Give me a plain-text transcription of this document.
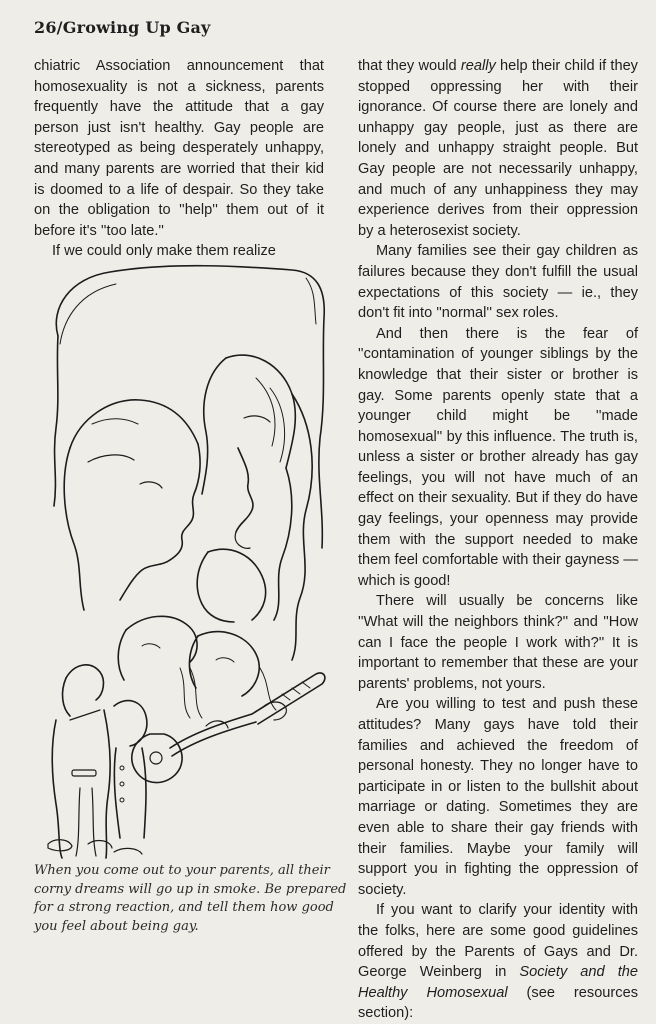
26/Growing Up Gay

chiatric Association announcement that homosexuality is not a sickness, parents frequently have the attitude that a gay person just isn't healthy. Gay people are stereotyped as being desperately unhappy, and many parents are worried that their kid is doomed to a life of despair. So they take on the obligation to ''help'' them out of it before it's ''too late.''

If we could only make them realize

When you come out to your parents, all their
corny dreams will go up in smoke. Be prepared
for a strong reaction, and tell them how good
you feel about being gay.

that they would really help their child if they stopped oppressing her with their ignorance. Of course there are lonely and unhappy gay people, just as there are lonely and unhappy straight people. But Gay people are not necessarily unhappy, and much of any unhappiness they may experience derives from their oppression by a heterosexist society.

Many families see their gay children as failures because they don't fulfill the usual expectations of this society — ie., they don't fit into ''normal'' sex roles.

And then there is the fear of ''contamination of younger siblings by the knowledge that their sister or brother is gay. Some parents openly state that a younger child might be ''made homosexual'' by this influence. The truth is, unless a sister or brother already has gay feelings, you will not have much of an effect on their sexuality. But if they do have gay feelings, your openness may provide them with the support needed to make them feel comfortable with their gayness — which is good!

There will usually be concerns like ''What will the neighbors think?'' and ''How can I face the people I work with?'' It is important to remember that these are your parents' problems, not yours.

Are you willing to test and push these attitudes? Many gays have told their families and achieved the freedom of personal honesty. They no longer have to participate in or listen to the bullshit about marriage or dating. Sometimes they are even able to share their gay friends with their families. Maybe your family will support you in fighting the oppression of society.

If you want to clarify your identity with the folks, here are some good guidelines offered by the Parents of Gays and Dr. George Weinberg in Society and the Healthy Homosexual (see resources section):
